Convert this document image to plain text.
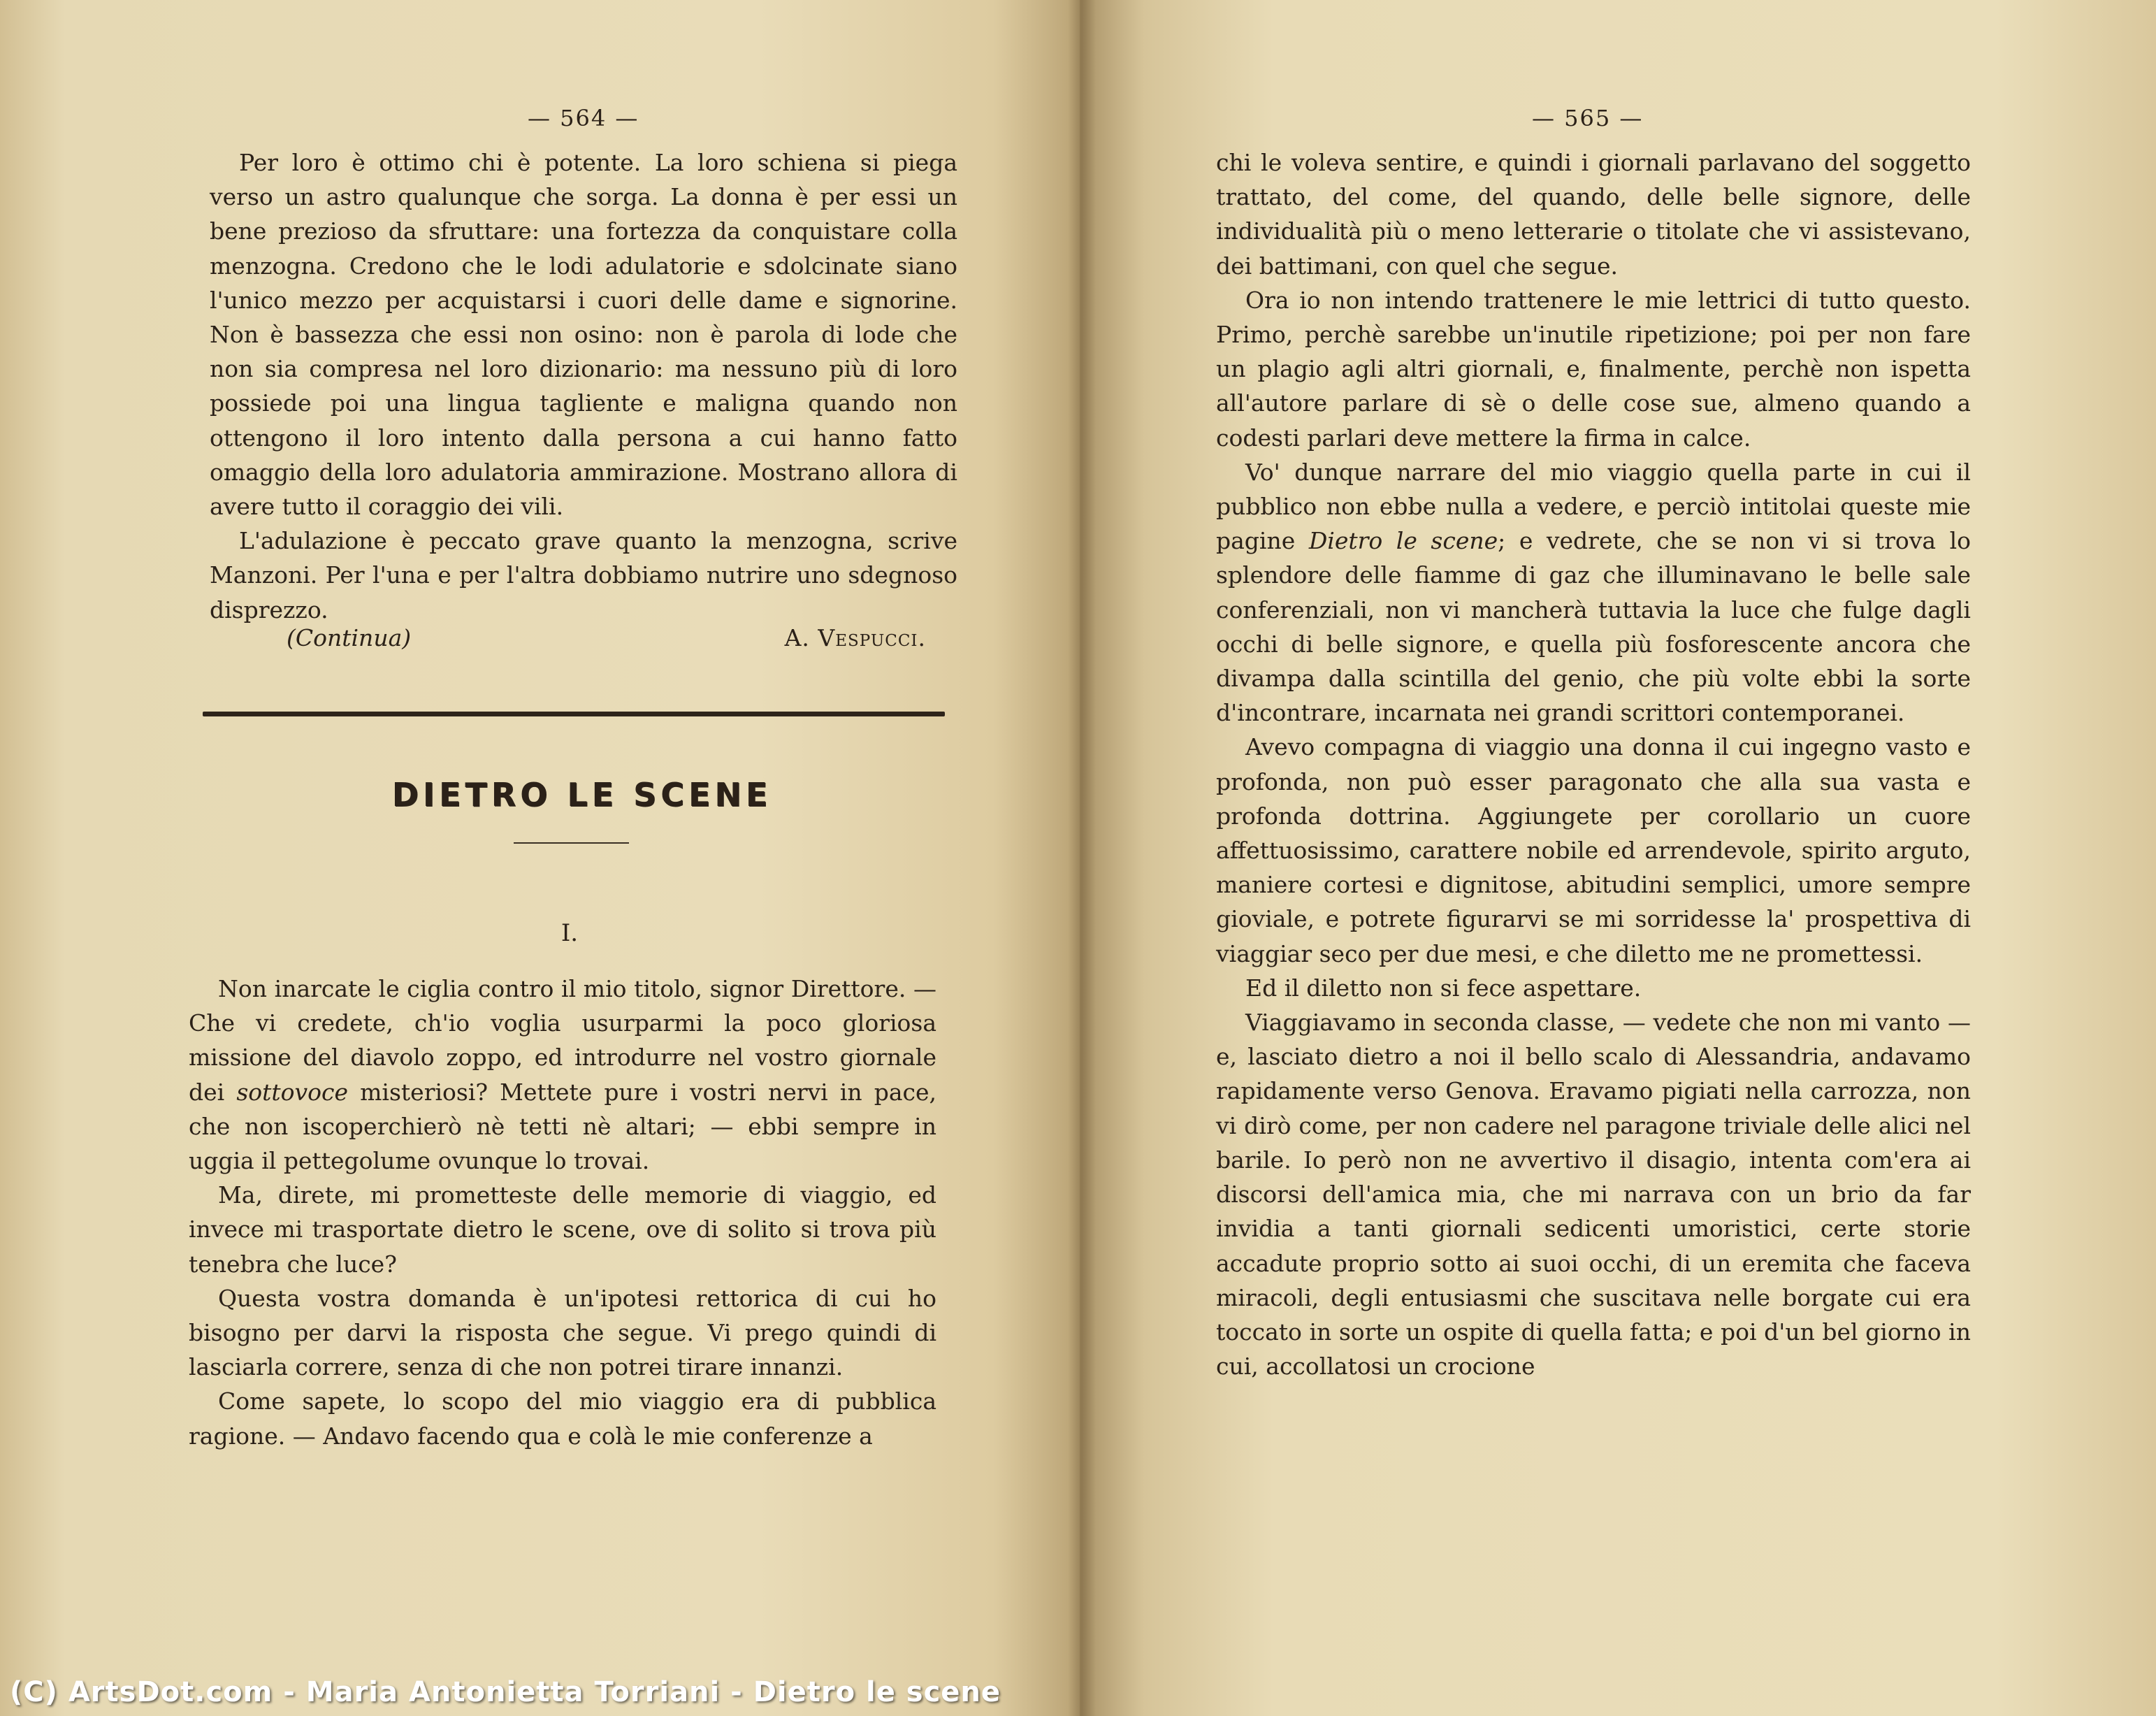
— 564 —

Per loro è ottimo chi è potente. La loro schiena si piega verso un astro qualunque che sorga. La donna è per essi un bene prezioso da sfruttare: una fortezza da conquistare colla menzogna. Credono che le lodi adulatorie e sdolcinate siano l'unico mezzo per acquistarsi i cuori delle dame e signorine. Non è bassezza che essi non osino: non è parola di lode che non sia compresa nel loro dizionario: ma nessuno più di loro possiede poi una lingua tagliente e maligna quando non ottengono il loro intento dalla persona a cui hanno fatto omaggio della loro adulatoria ammirazione. Mostrano allora di avere tutto il coraggio dei vili.

L'adulazione è peccato grave quanto la menzogna, scrive Manzoni. Per l'una e per l'altra dobbiamo nutrire uno sdegnoso disprezzo.

(Continua)	A. Vespucci.
DIETRO LE SCENE
I.

Non inarcate le ciglia contro il mio titolo, signor Direttore. — Che vi credete, ch'io voglia usurparmi la poco gloriosa missione del diavolo zoppo, ed introdurre nel vostro giornale dei sottovoce misteriosi? Mettete pure i vostri nervi in pace, che non iscoperchierò nè tetti nè altari; — ebbi sempre in uggia il pettegolume ovunque lo trovai.

Ma, direte, mi prometteste delle memorie di viaggio, ed invece mi trasportate dietro le scene, ove di solito si trova più tenebra che luce?

Questa vostra domanda è un'ipotesi rettorica di cui ho bisogno per darvi la risposta che segue. Vi prego quindi di lasciarla correre, senza di che non potrei tirare innanzi.

Come sapete, lo scopo del mio viaggio era di pubblica ragione. — Andavo facendo qua e colà le mie conferenze a

— 565 —

chi le voleva sentire, e quindi i giornali parlavano del soggetto trattato, del come, del quando, delle belle signore, delle individualità più o meno letterarie o titolate che vi assistevano, dei battimani, con quel che segue.

Ora io non intendo trattenere le mie lettrici di tutto questo. Primo, perchè sarebbe un'inutile ripetizione; poi per non fare un plagio agli altri giornali, e, finalmente, perchè non ispetta all'autore parlare di sè o delle cose sue, almeno quando a codesti parlari deve mettere la firma in calce.

Vo' dunque narrare del mio viaggio quella parte in cui il pubblico non ebbe nulla a vedere, e perciò intitolai queste mie pagine Dietro le scene; e vedrete, che se non vi si trova lo splendore delle fiamme di gaz che illuminavano le belle sale conferenziali, non vi mancherà tuttavia la luce che fulge dagli occhi di belle signore, e quella più fosforescente ancora che divampa dalla scintilla del genio, che più volte ebbi la sorte d'incontrare, incarnata nei grandi scrittori contemporanei.

Avevo compagna di viaggio una donna il cui ingegno vasto e profonda, non può esser paragonato che alla sua vasta e profonda dottrina. Aggiungete per corollario un cuore affettuosissimo, carattere nobile ed arrendevole, spirito arguto, maniere cortesi e dignitose, abitudini semplici, umore sempre gioviale, e potrete figurarvi se mi sorridesse la' prospettiva di viaggiar seco per due mesi, e che diletto me ne promettessi.

Ed il diletto non si fece aspettare.

Viaggiavamo in seconda classe, — vedete che non mi vanto — e, lasciato dietro a noi il bello scalo di Alessandria, andavamo rapidamente verso Genova. Eravamo pigiati nella carrozza, non vi dirò come, per non cadere nel paragone triviale delle alici nel barile. Io però non ne avvertivo il disagio, intenta com'era ai discorsi dell'amica mia, che mi narrava con un brio da far invidia a tanti giornali sedicenti umoristici, certe storie accadute proprio sotto ai suoi occhi, di un eremita che faceva miracoli, degli entusiasmi che suscitava nelle borgate cui era toccato in sorte un ospite di quella fatta; e poi d'un bel giorno in cui, accollatosi un crocione

(C) ArtsDot.com - Maria Antonietta Torriani - Dietro le scene
